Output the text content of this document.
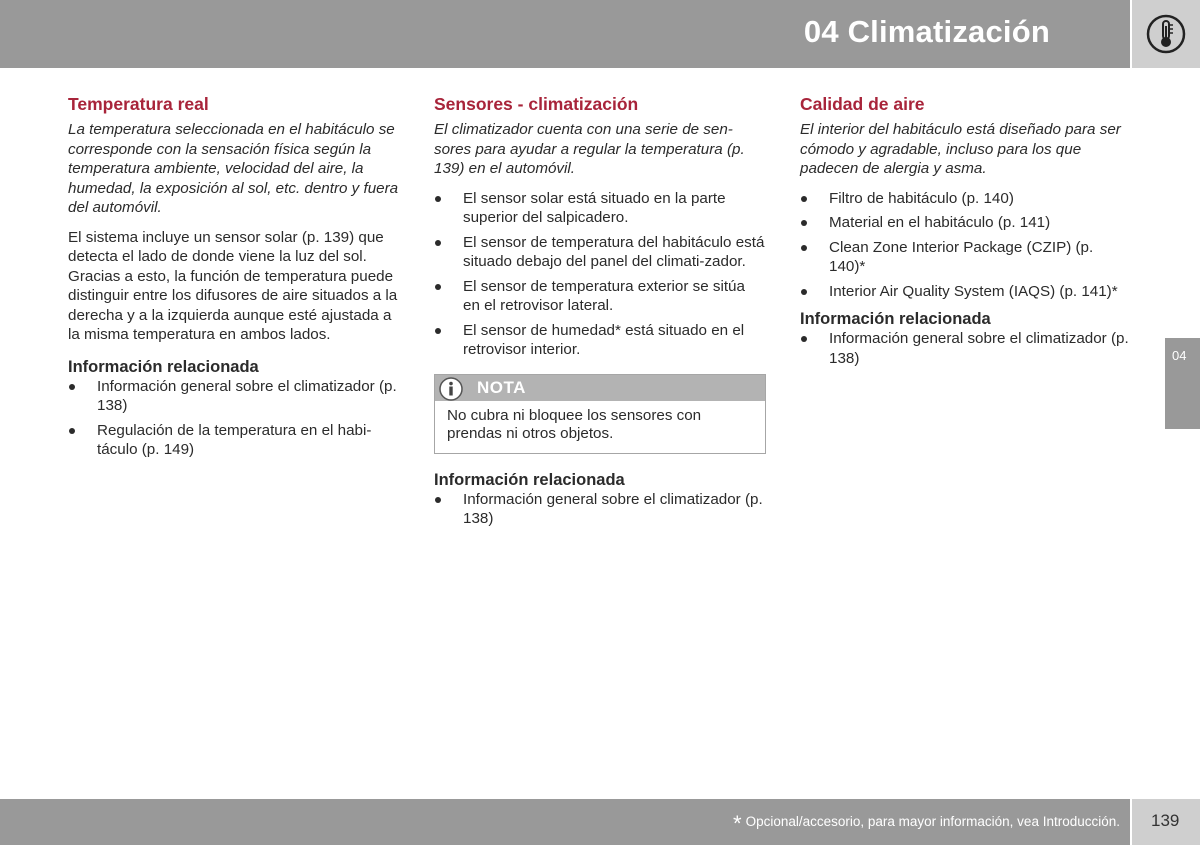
04 Climatización
Temperatura real

La temperatura seleccionada en el habitáculo se corresponde con la sensación física según la temperatura ambiente, velocidad del aire, la humedad, la exposición al sol, etc. dentro y fuera del automóvil.

El sistema incluye un sensor solar (p. 139) que detecta el lado de donde viene la luz del sol. Gracias a esto, la función de temperatura puede distinguir entre los difusores de aire situados a la derecha y a la izquierda aunque esté ajustada a la misma temperatura en ambos lados.

Información relacionada
Información general sobre el climatizador (p. 138)
Regulación de la temperatura en el habi-táculo (p. 149)
Sensores - climatización

El climatizador cuenta con una serie de sen-sores para ayudar a regular la temperatura (p. 139) en el automóvil.

El sensor solar está situado en la parte superior del salpicadero.
El sensor de temperatura del habitáculo está situado debajo del panel del climati-zador.
El sensor de temperatura exterior se sitúa en el retrovisor lateral.
El sensor de humedad* está situado en el retrovisor interior.
NOTA
No cubra ni bloquee los sensores con prendas ni otros objetos.
Información relacionada
Información general sobre el climatizador (p. 138)
Calidad de aire

El interior del habitáculo está diseñado para ser cómodo y agradable, incluso para los que padecen de alergia y asma.

Filtro de habitáculo (p. 140)
Material en el habitáculo (p. 141)
Clean Zone Interior Package (CZIP) (p. 140)*
Interior Air Quality System (IAQS) (p. 141)*
Información relacionada
Información general sobre el climatizador (p. 138)	04
* Opcional/accesorio, para mayor información, vea Introducción. 139
